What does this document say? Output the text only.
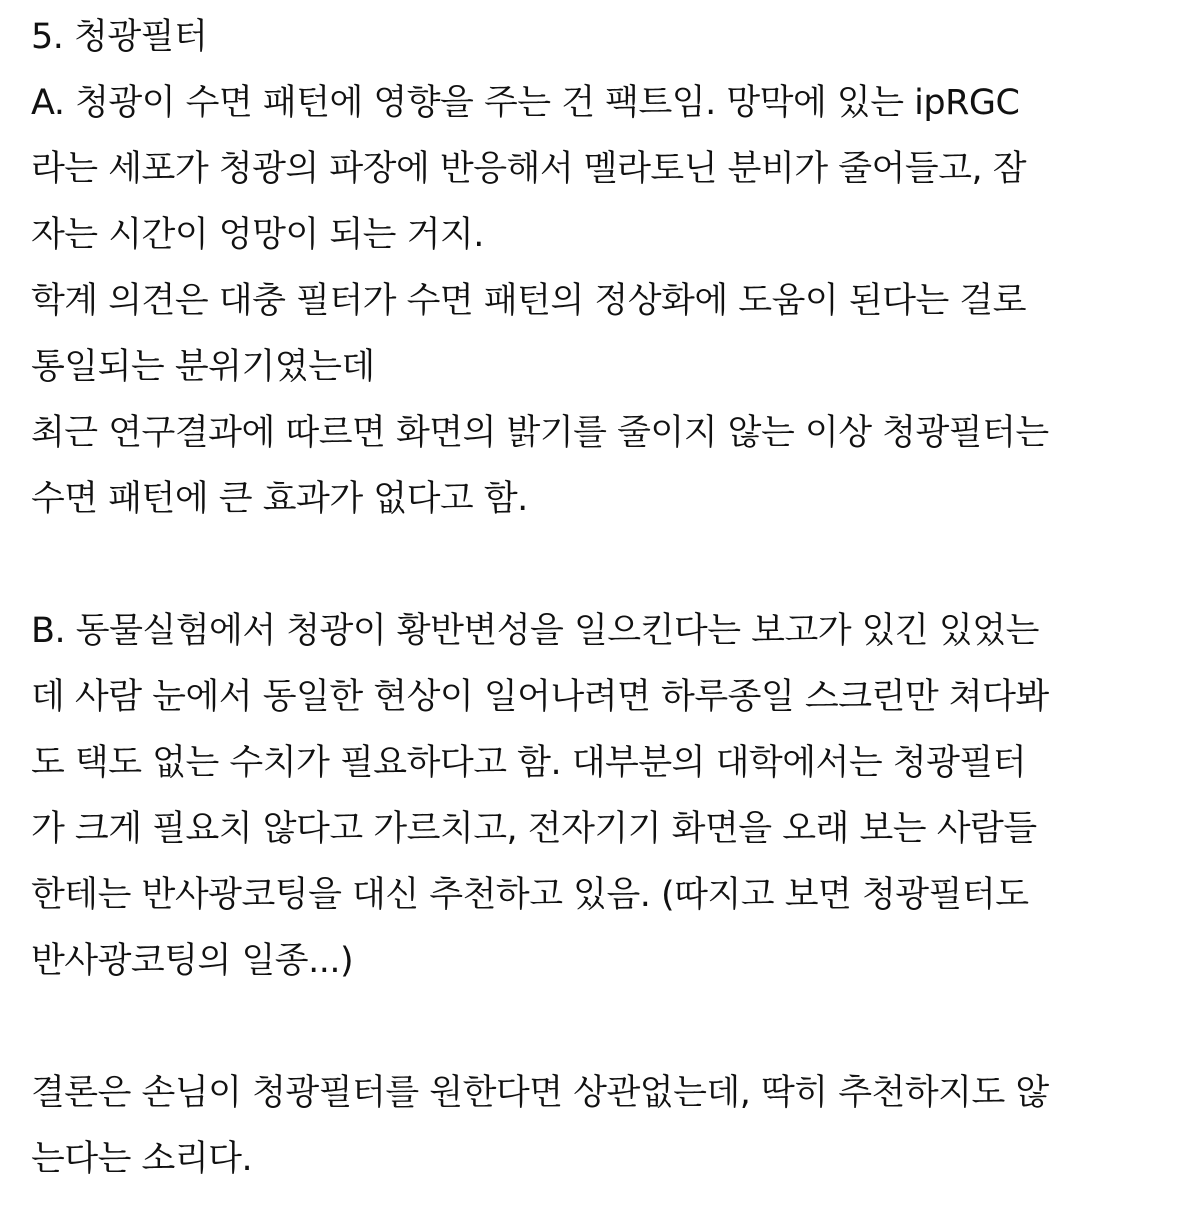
5. 청광필터

A. 청광이 수면 패턴에 영향을 주는 건 팩트임. 망막에 있는 ipRGC

라는 세포가 청광의 파장에 반응해서 멜라토닌 분비가 줄어들고, 잠

자는 시간이 엉망이 되는 거지.

학계 의견은 대충 필터가 수면 패턴의 정상화에 도움이 된다는 걸로

통일되는 분위기였는데

최근 연구결과에 따르면 화면의 밝기를 줄이지 않는 이상 청광필터는

수면 패턴에 큰 효과가 없다고 함.

B. 동물실험에서 청광이 황반변성을 일으킨다는 보고가 있긴 있었는

데 사람 눈에서 동일한 현상이 일어나려면 하루종일 스크린만 쳐다봐

도 택도 없는 수치가 필요하다고 함. 대부분의 대학에서는 청광필터

가 크게 필요치 않다고 가르치고, 전자기기 화면을 오래 보는 사람들

한테는 반사광코팅을 대신 추천하고 있음. (따지고 보면 청광필터도

반사광코팅의 일종...)

결론은 손님이 청광필터를 원한다면 상관없는데, 딱히 추천하지도 않

는다는 소리다.
